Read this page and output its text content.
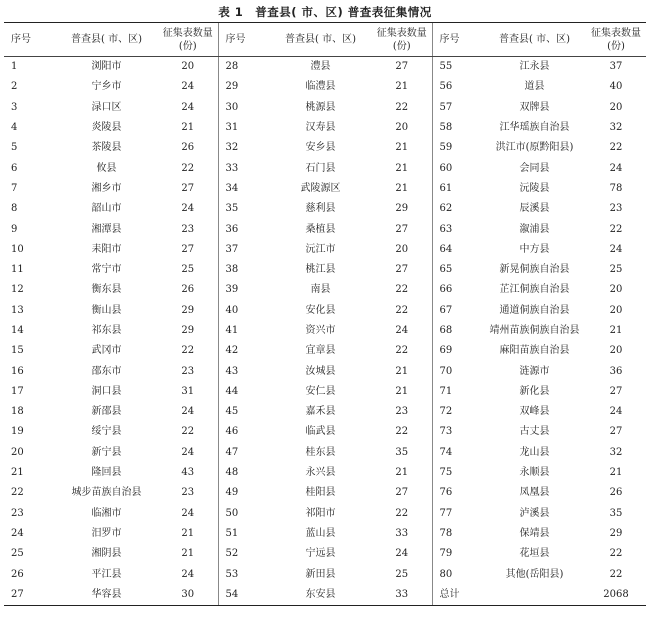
表 1　普查县( 市、区) 普查表征集情况
序号	普查县( 市、区)	征集表数量
(份)	序号	普查县( 市、区)	征集表数量
(份)	序号	普查县( 市、区)	征集表数量
(份)
1	浏阳市	20	28	澧县	27	55	江永县	37
2	宁乡市	24	29	临澧县	21	56	道县	40
3	渌口区	24	30	桃源县	22	57	双牌县	20
4	炎陵县	21	31	汉寿县	20	58	江华瑶族自治县	32
5	茶陵县	26	32	安乡县	21	59	洪江市(原黔阳县)	22
6	攸县	22	33	石门县	21	60	会同县	24
7	湘乡市	27	34	武陵源区	21	61	沅陵县	78
8	韶山市	24	35	慈利县	29	62	辰溪县	23
9	湘潭县	23	36	桑植县	27	63	溆浦县	22
10	耒阳市	27	37	沅江市	20	64	中方县	24
11	常宁市	25	38	桃江县	27	65	新晃侗族自治县	25
12	衡东县	26	39	南县	22	66	芷江侗族自治县	20
13	衡山县	29	40	安化县	22	67	通道侗族自治县	20
14	祁东县	29	41	资兴市	24	68	靖州苗族侗族自治县	21
15	武冈市	22	42	宜章县	22	69	麻阳苗族自治县	20
16	邵东市	23	43	汝城县	21	70	涟源市	36
17	洞口县	31	44	安仁县	21	71	新化县	27
18	新邵县	24	45	嘉禾县	23	72	双峰县	24
19	绥宁县	22	46	临武县	22	73	古丈县	27
20	新宁县	24	47	桂东县	35	74	龙山县	32
21	隆回县	43	48	永兴县	21	75	永顺县	21
22	城步苗族自治县	23	49	桂阳县	27	76	凤凰县	26
23	临湘市	24	50	祁阳市	22	77	泸溪县	35
24	汨罗市	21	51	蓝山县	33	78	保靖县	29
25	湘阴县	21	52	宁远县	24	79	花垣县	22
26	平江县	24	53	新田县	25	80	其他(岳阳县)	22
27	华容县	30	54	东安县	33	总计		2068
